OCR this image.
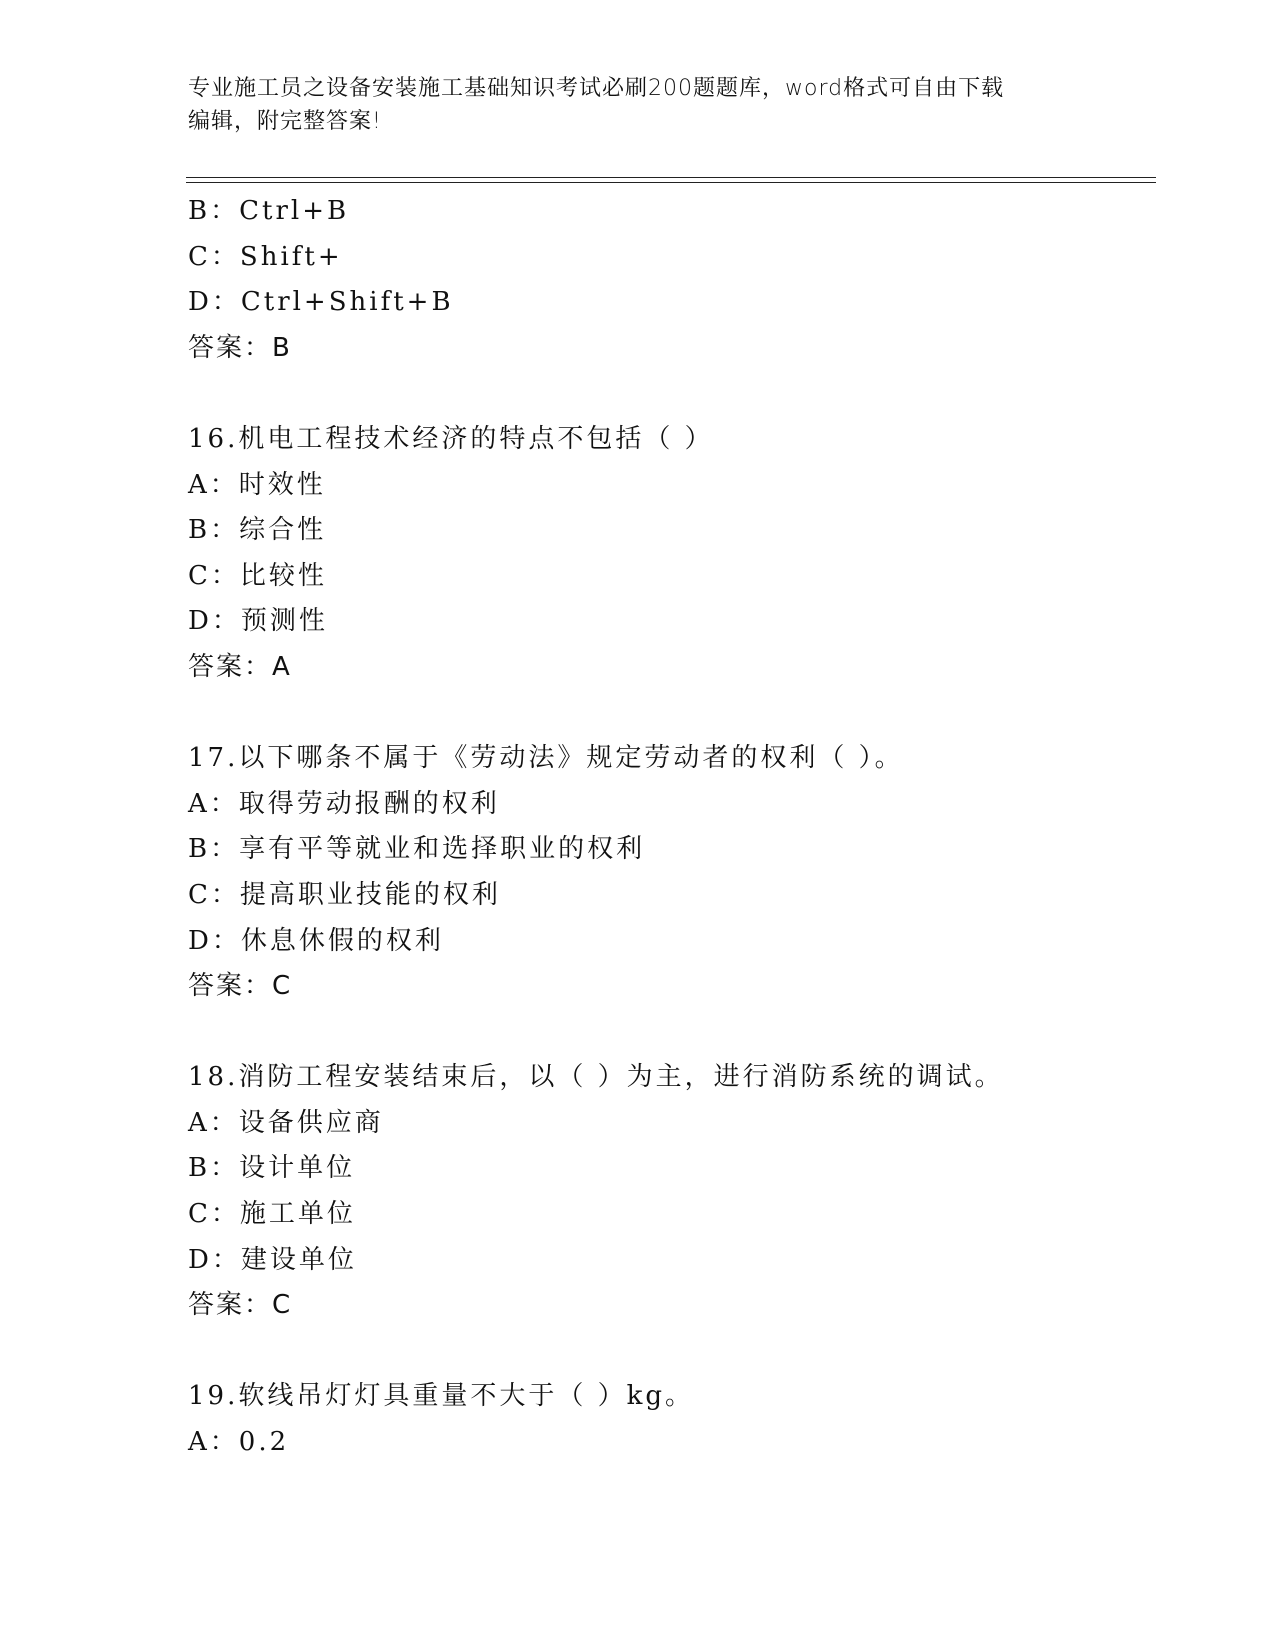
专业施工员之设备安装施工基础知识考试必刷200题题库，word格式可自由下载
编辑，附完整答案!
B：Ctrl+B
C：Shift+
D：Ctrl+Shift+B
答案：B
16.机电工程技术经济的特点不包括（ ）
A：时效性
B：综合性
C：比较性
D：预测性
答案：A
17.以下哪条不属于《劳动法》规定劳动者的权利（ ）。
A：取得劳动报酬的权利
B：享有平等就业和选择职业的权利
C：提高职业技能的权利
D：休息休假的权利
答案：C
18.消防工程安装结束后，以（ ）为主，进行消防系统的调试。
A：设备供应商
B：设计单位
C：施工单位
D：建设单位
答案：C
19.软线吊灯灯具重量不大于（ ）kg。
A：0.2
